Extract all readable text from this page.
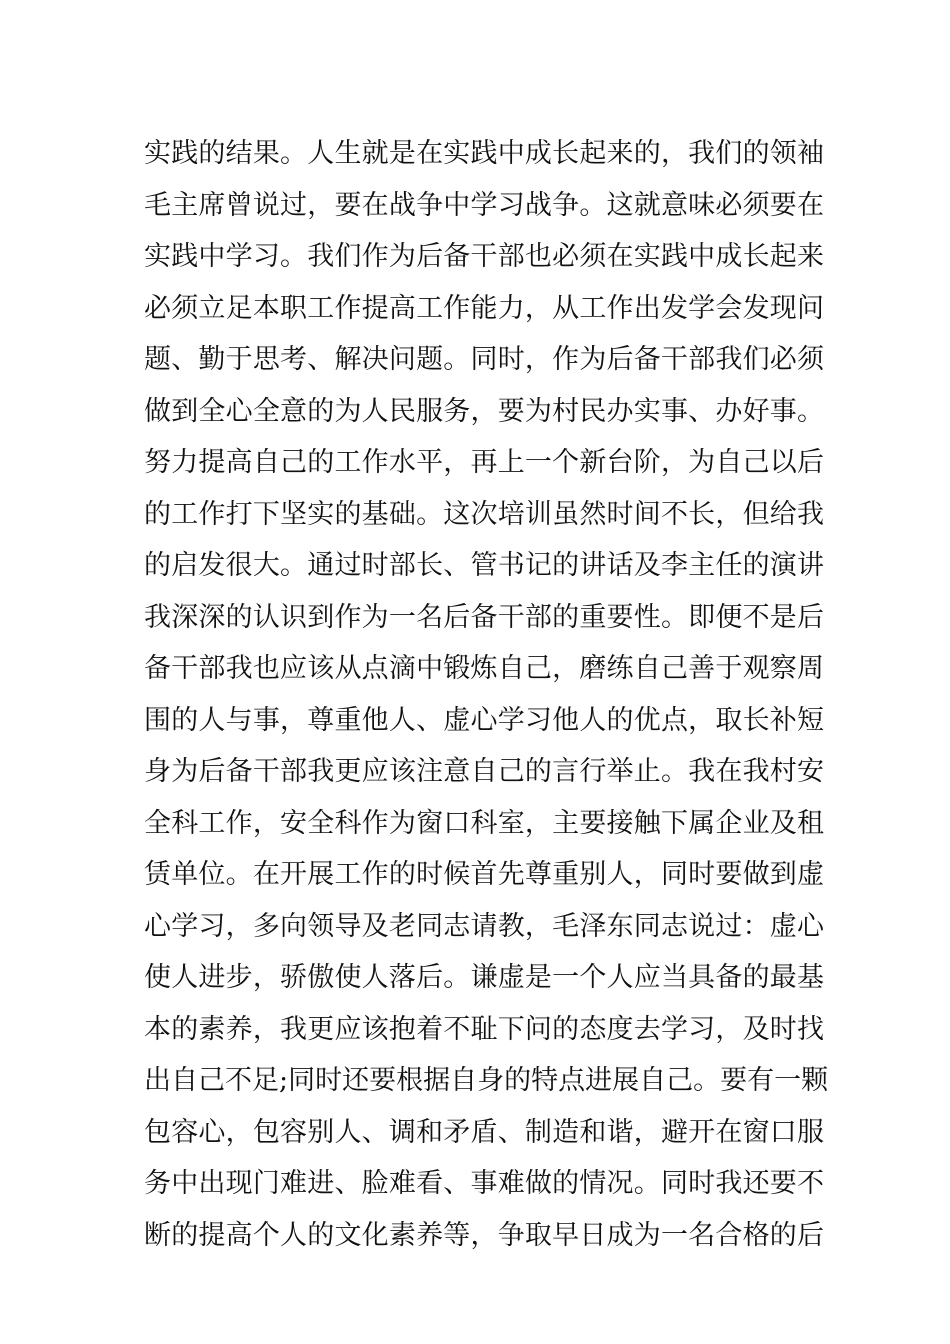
实践的结果。人生就是在实践中成长起来的，我们的领袖
毛主席曾说过，要在战争中学习战争。这就意味必须要在
实践中学习。我们作为后备干部也必须在实践中成长起来
必须立足本职工作提高工作能力，从工作出发学会发现问
题、勤于思考、解决问题。同时，作为后备干部我们必须
做到全心全意的为人民服务，要为村民办实事、办好事。
努力提高自己的工作水平，再上一个新台阶，为自己以后
的工作打下坚实的基础。这次培训虽然时间不长，但给我
的启发很大。通过时部长、管书记的讲话及李主任的演讲
我深深的认识到作为一名后备干部的重要性。即便不是后
备干部我也应该从点滴中锻炼自己，磨练自己善于观察周
围的人与事，尊重他人、虚心学习他人的优点，取长补短
身为后备干部我更应该注意自己的言行举止。我在我村安
全科工作，安全科作为窗口科室，主要接触下属企业及租
赁单位。在开展工作的时候首先尊重别人，同时要做到虚
心学习，多向领导及老同志请教，毛泽东同志说过：虚心
使人进步，骄傲使人落后。谦虚是一个人应当具备的最基
本的素养，我更应该抱着不耻下问的态度去学习，及时找
出自己不足;同时还要根据自身的特点进展自己。要有一颗
包容心，包容别人、调和矛盾、制造和谐，避开在窗口服
务中出现门难进、脸难看、事难做的情况。同时我还要不
断的提高个人的文化素养等，争取早日成为一名合格的后
